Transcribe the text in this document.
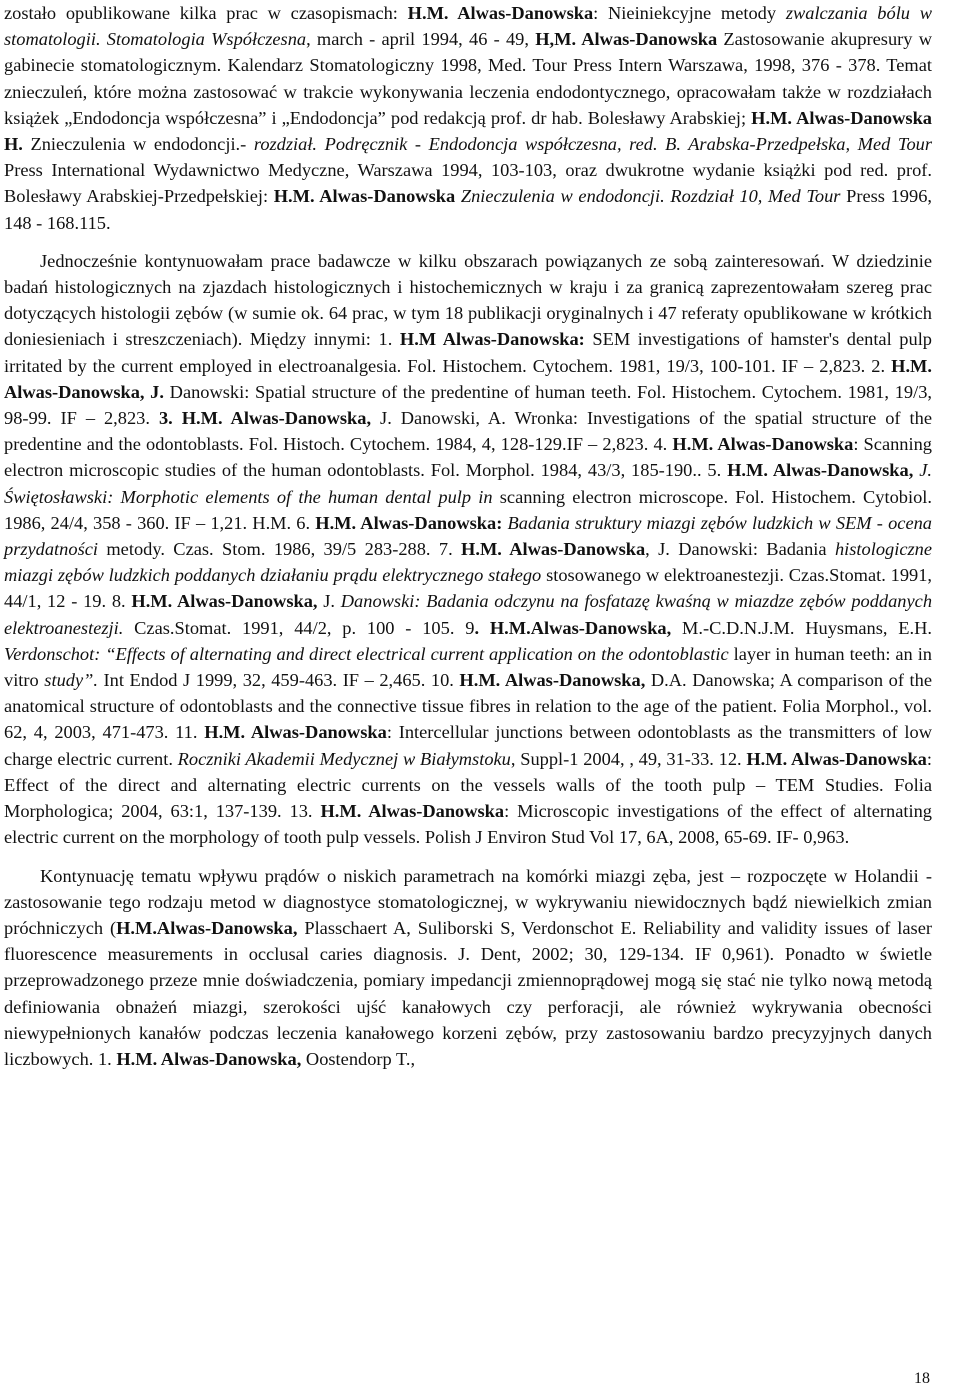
zostało opublikowane kilka prac w czasopismach: H.M. Alwas-Danowska: Nieiniekcyjne metody zwalczania bólu w stomatologii. Stomatologia Współczesna, march - april 1994, 46 - 49, H,M. Alwas-Danowska Zastosowanie akupresury w gabinecie stomatologicznym. Kalendarz Stomatologiczny 1998, Med. Tour Press Intern Warszawa, 1998, 376 - 378. Temat znieczuleń, które można zastosować w trakcie wykonywania leczenia endodontycznego, opracowałam także w rozdziałach książek „Endodoncja współczesna” i „Endodoncja” pod redakcją prof. dr hab. Bolesławy Arabskiej; H.M. Alwas-Danowska H. Znieczulenia w endodoncji.- rozdział. Podręcznik - Endodoncja współczesna, red. B. Arabska-Przedpełska, Med Tour Press International Wydawnictwo Medyczne, Warszawa 1994, 103-103, oraz dwukrotne wydanie książki pod red. prof. Bolesławy Arabskiej-Przedpełskiej: H.M. Alwas-Danowska Znieczulenia w endodoncji. Rozdział 10, Med Tour Press 1996, 148 - 168.115.

Jednocześnie kontynuowałam prace badawcze w kilku obszarach powiązanych ze sobą zainteresowań. W dziedzinie badań histologicznych na zjazdach histologicznych i histochemicznych w kraju i za granicą zaprezentowałam szereg prac dotyczących histologii zębów (w sumie ok. 64 prac, w tym 18 publikacji oryginalnych i 47 referaty opublikowane w krótkich doniesieniach i streszczeniach). Między innymi: 1. H.M Alwas-Danowska: SEM investigations of hamster's dental pulp irritated by the current employed in electroanalgesia. Fol. Histochem. Cytochem. 1981, 19/3, 100-101. IF – 2,823. 2. H.M. Alwas-Danowska, J. Danowski: Spatial structure of the predentine of human teeth. Fol. Histochem. Cytochem. 1981, 19/3, 98-99. IF – 2,823. 3. H.M. Alwas-Danowska, J. Danowski, A. Wronka: Investigations of the spatial structure of the predentine and the odontoblasts. Fol. Histoch. Cytochem. 1984, 4, 128-129.IF – 2,823. 4. H.M. Alwas-Danowska: Scanning electron microscopic studies of the human odontoblasts. Fol. Morphol. 1984, 43/3, 185-190.. 5. H.M. Alwas-Danowska, J. Świętosławski: Morphotic elements of the human dental pulp in scanning electron microscope. Fol. Histochem. Cytobiol. 1986, 24/4, 358 - 360. IF – 1,21. H.M. 6. H.M. Alwas-Danowska: Badania struktury miazgi zębów ludzkich w SEM - ocena przydatności metody. Czas. Stom. 1986, 39/5 283-288. 7. H.M. Alwas-Danowska, J. Danowski: Badania histologiczne miazgi zębów ludzkich poddanych działaniu prądu elektrycznego stałego stosowanego w elektroanestezji. Czas.Stomat. 1991, 44/1, 12 - 19. 8. H.M. Alwas-Danowska, J. Danowski: Badania odczynu na fosfatazę kwaśną w miazdze zębów poddanych elektroanestezji. Czas.Stomat. 1991, 44/2, p. 100 - 105. 9. H.M.Alwas-Danowska, M.-C.D.N.J.M. Huysmans, E.H. Verdonschot: “Effects of alternating and direct electrical current application on the odontoblastic layer in human teeth: an in vitro study”. Int Endod J 1999, 32, 459-463. IF – 2,465. 10. H.M. Alwas-Danowska, D.A. Danowska; A comparison of the anatomical structure of odontoblasts and the connective tissue fibres in relation to the age of the patient. Folia Morphol., vol. 62, 4, 2003, 471-473. 11. H.M. Alwas-Danowska: Intercellular junctions between odontoblasts as the transmitters of low charge electric current. Roczniki Akademii Medycznej w Białymstoku, Suppl-1 2004, , 49, 31-33. 12. H.M. Alwas-Danowska: Effect of the direct and alternating electric currents on the vessels walls of the tooth pulp – TEM Studies. Folia Morphologica; 2004, 63:1, 137-139. 13. H.M. Alwas-Danowska: Microscopic investigations of the effect of alternating electric current on the morphology of tooth pulp vessels. Polish J Environ Stud Vol 17, 6A, 2008, 65-69. IF- 0,963.

Kontynuację tematu wpływu prądów o niskich parametrach na komórki miazgi zęba, jest – rozpoczęte w Holandii - zastosowanie tego rodzaju metod w diagnostyce stomatologicznej, w wykrywaniu niewidocznych bądź niewielkich zmian próchniczych (H.M.Alwas-Danowska, Plasschaert A, Suliborski S, Verdonschot E. Reliability and validity issues of laser fluorescence measurements in occlusal caries diagnosis. J. Dent, 2002; 30, 129-134. IF 0,961). Ponadto w świetle przeprowadzonego przeze mnie doświadczenia, pomiary impedancji zmiennoprądowej mogą się stać nie tylko nową metodą definiowania obnażeń miazgi, szerokości ujść kanałowych czy perforacji, ale również wykrywania obecności niewypełnionych kanałów podczas leczenia kanałowego korzeni zębów, przy zastosowaniu bardzo precyzyjnych danych liczbowych. 1. H.M. Alwas-Danowska, Oostendorp T.,

18
